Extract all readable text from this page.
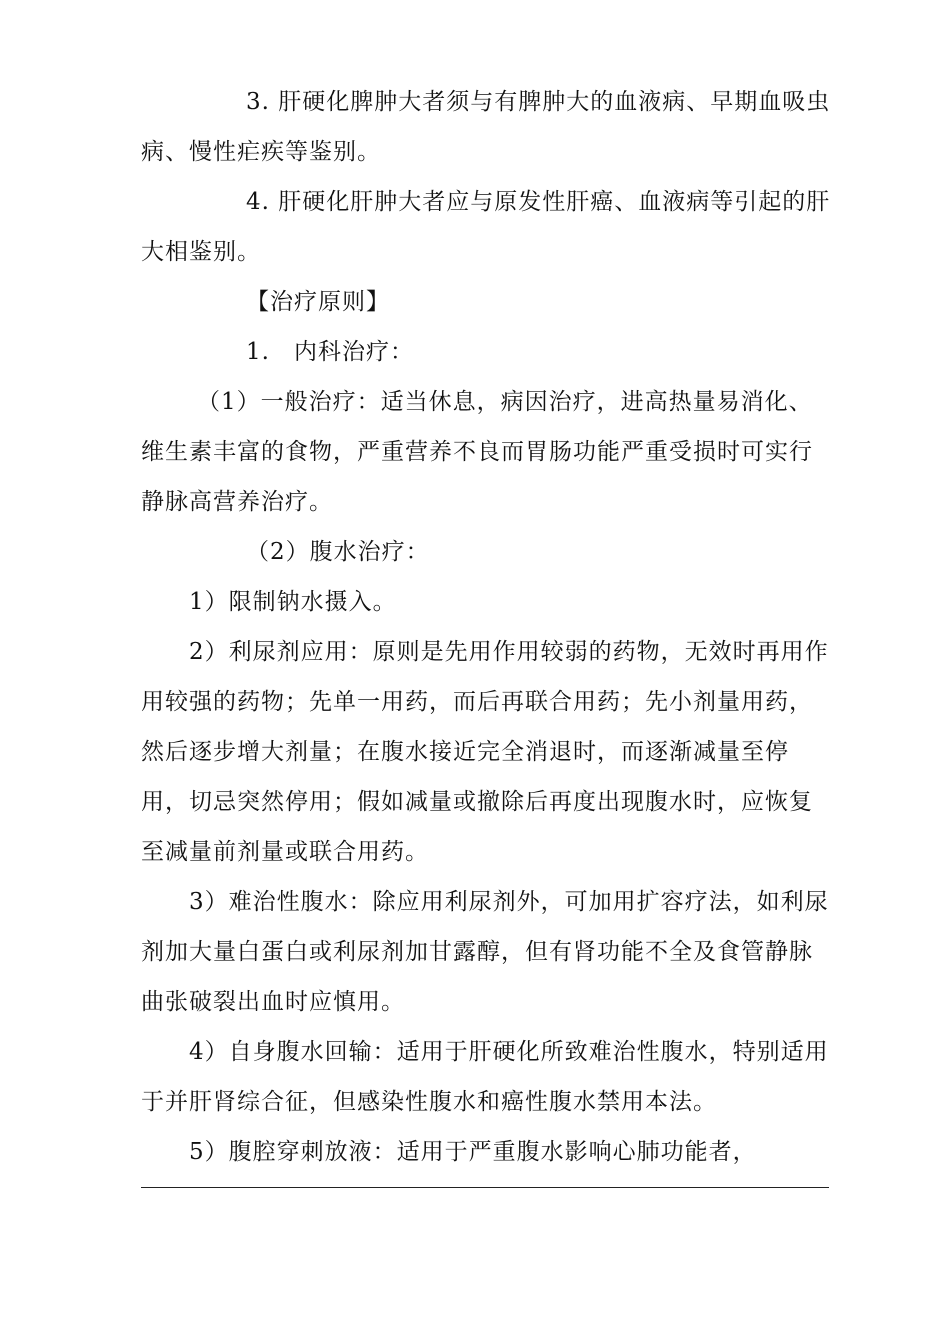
3. 肝硬化脾肿大者须与有脾肿大的血液病、早期血吸虫病、慢性疟疾等鉴别。

4. 肝硬化肝肿大者应与原发性肝癌、血液病等引起的肝大相鉴别。

【治疗原则】

1.　内科治疗：

（1）一般治疗：适当休息，病因治疗，进高热量易消化、维生素丰富的食物，严重营养不良而胃肠功能严重受损时可实行静脉高营养治疗。

（2）腹水治疗：

1）限制钠水摄入。

2）利尿剂应用：原则是先用作用较弱的药物，无效时再用作用较强的药物；先单一用药，而后再联合用药；先小剂量用药，然后逐步增大剂量；在腹水接近完全消退时，而逐渐减量至停用，切忌突然停用；假如减量或撤除后再度出现腹水时，应恢复至减量前剂量或联合用药。

3）难治性腹水：除应用利尿剂外，可加用扩容疗法，如利尿剂加大量白蛋白或利尿剂加甘露醇，但有肾功能不全及食管静脉曲张破裂出血时应慎用。

4）自身腹水回输：适用于肝硬化所致难治性腹水，特别适用于并肝肾综合征，但感染性腹水和癌性腹水禁用本法。

5）腹腔穿刺放液：适用于严重腹水影响心肺功能者，
